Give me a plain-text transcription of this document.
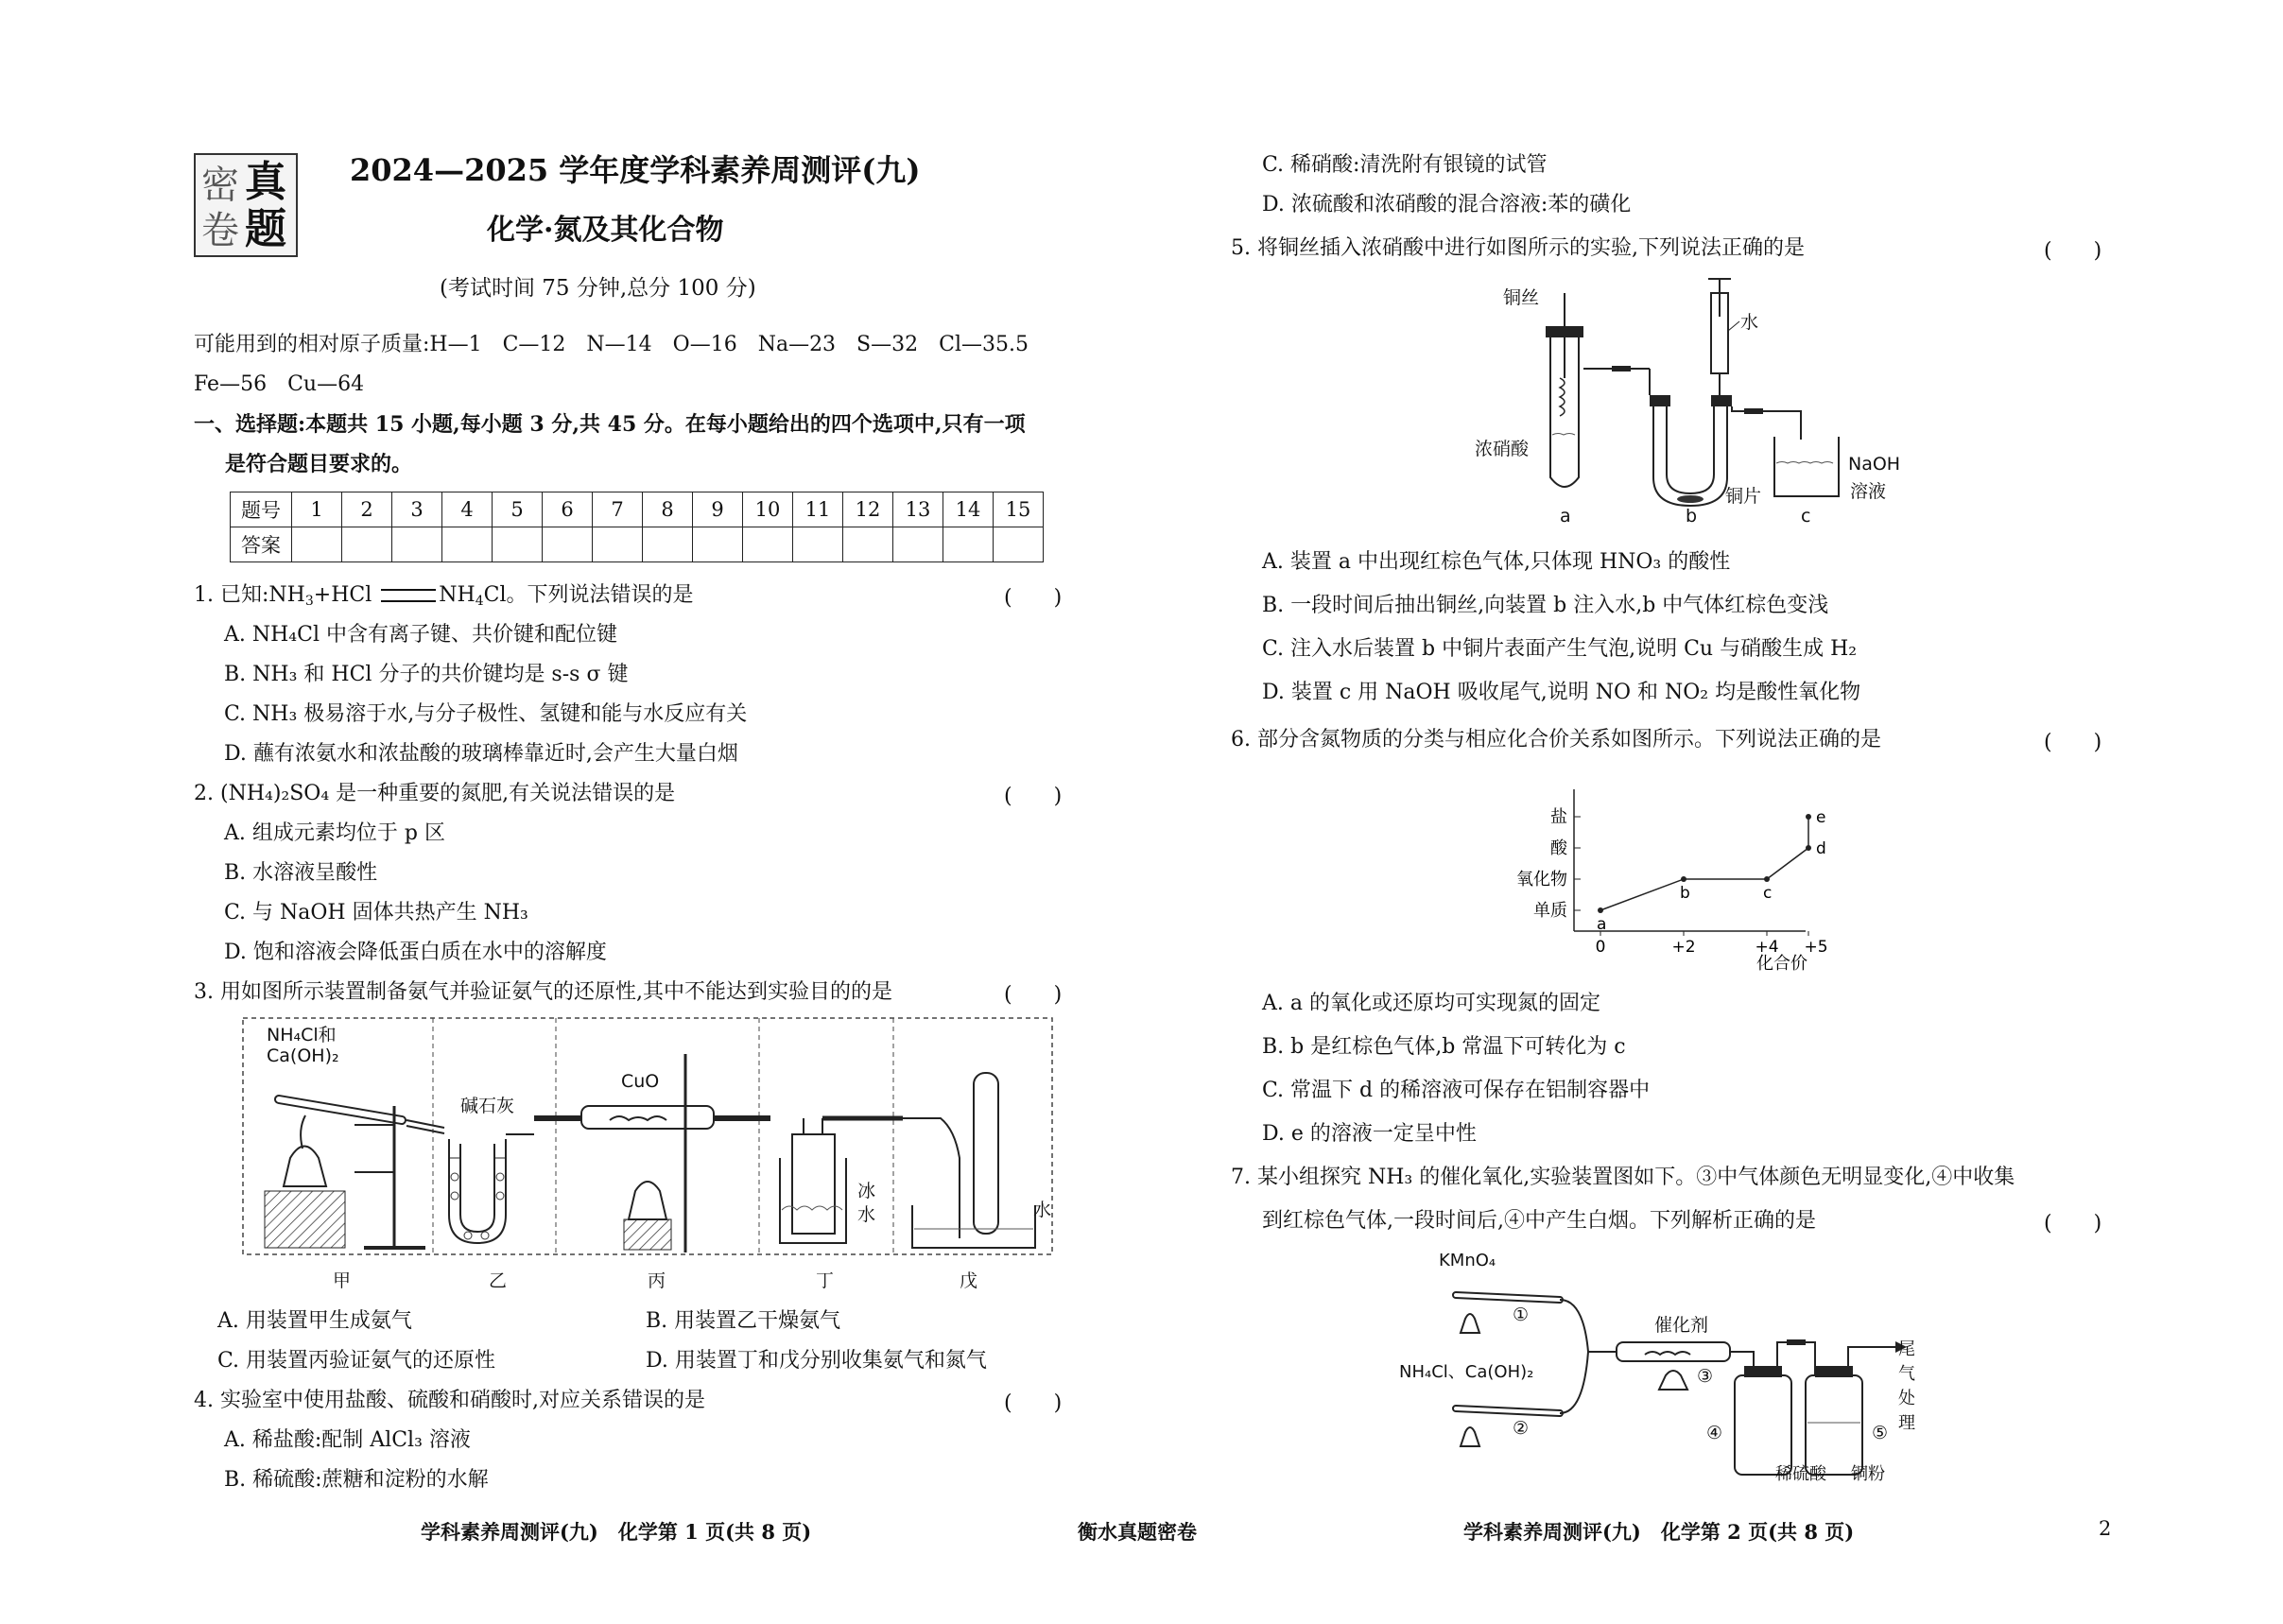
真
题
密
卷
2024—2025 学年度学科素养周测评(九)
化学·氮及其化合物
(考试时间 75 分钟,总分 100 分)
可能用到的相对原子质量:H—1　C—12　N—14　O—16　Na—23　S—32　Cl—35.5
Fe—56　Cu—64
一、选择题:本题共 15 小题,每小题 3 分,共 45 分。在每小题给出的四个选项中,只有一项
是符合题目要求的。
题号	1	2	3	4	5	6	7	8	9	10	11	12	13	14	15
答案															
1. 已知$:NH_3+HCl$	$NH_4Cl$。下列说法错误的是	(　　)
A. NH₄Cl 中含有离子键、共价键和配位键
B. NH₃ 和 HCl 分子的共价键均是 s-s σ 键
C. NH₃ 极易溶于水,与分子极性、氢键和能与水反应有关
D. 蘸有浓氨水和浓盐酸的玻璃棒靠近时,会产生大量白烟
2. (NH₄)₂SO₄ 是一种重要的氮肥,有关说法错误的是	(　　)
A. 组成元素均位于 p 区
B. 水溶液呈酸性
C. 与 NaOH 固体共热产生 NH₃
D. 饱和溶液会降低蛋白质在水中的溶解度
3. 用如图所示装置制备氨气并验证氨气的还原性,其中不能达到实验目的的是	(　　)
NH₄Cl和
Ca(OH)₂
碱石灰
CuO
冰
水	水
甲	乙	丙	丁	戊
A. 用装置甲生成氨气	B. 用装置乙干燥氨气
C. 用装置丙验证氨气的还原性	D. 用装置丁和戊分别收集氨气和氮气
4. 实验室中使用盐酸、硫酸和硝酸时,对应关系错误的是	(　　)
A. 稀盐酸:配制 AlCl₃ 溶液
B. 稀硫酸:蔗糖和淀粉的水解
C. 稀硝酸:清洗附有银镜的试管
D. 浓硫酸和浓硝酸的混合溶液:苯的磺化
5. 将铜丝插入浓硝酸中进行如图所示的实验,下列说法正确的是	(　　)
铜丝
浓硝酸
水
铜片
NaOH
溶液
a	b	c
A. 装置 a 中出现红棕色气体,只体现 HNO₃ 的酸性
B. 一段时间后抽出铜丝,向装置 b 注入水,b 中气体红棕色变浅
C. 注入水后装置 b 中铜片表面产生气泡,说明 Cu 与硝酸生成 H₂
D. 装置 c 用 NaOH 吸收尾气,说明 NO 和 NO₂ 均是酸性氧化物
6. 部分含氮物质的分类与相应化合价关系如图所示。下列说法正确的是	(　　)
单质
氧化物
酸
盐
0	+2	+4 +5
a
b	c
d
e
化合价
A. a 的氧化或还原均可实现氮的固定
B. b 是红棕色气体,b 常温下可转化为 c
C. 常温下 d 的稀溶液可保存在铝制容器中
D. e 的溶液一定呈中性
7. 某小组探究 NH₃ 的催化氧化,实验装置图如下。③中气体颜色无明显变化,④中收集
到红棕色气体,一段时间后,④中产生白烟。下列解析正确的是	(　　)
KMnO₄
①
NH₄Cl、Ca(OH)₂
②
催化剂
③
④	⑤
尾气处理
稀硫酸 铜粉
学科素养周测评(九)　化学第 1 页(共 8 页)	衡水真题密卷	学科素养周测评(九)　化学第 2 页(共 8 页)	2
